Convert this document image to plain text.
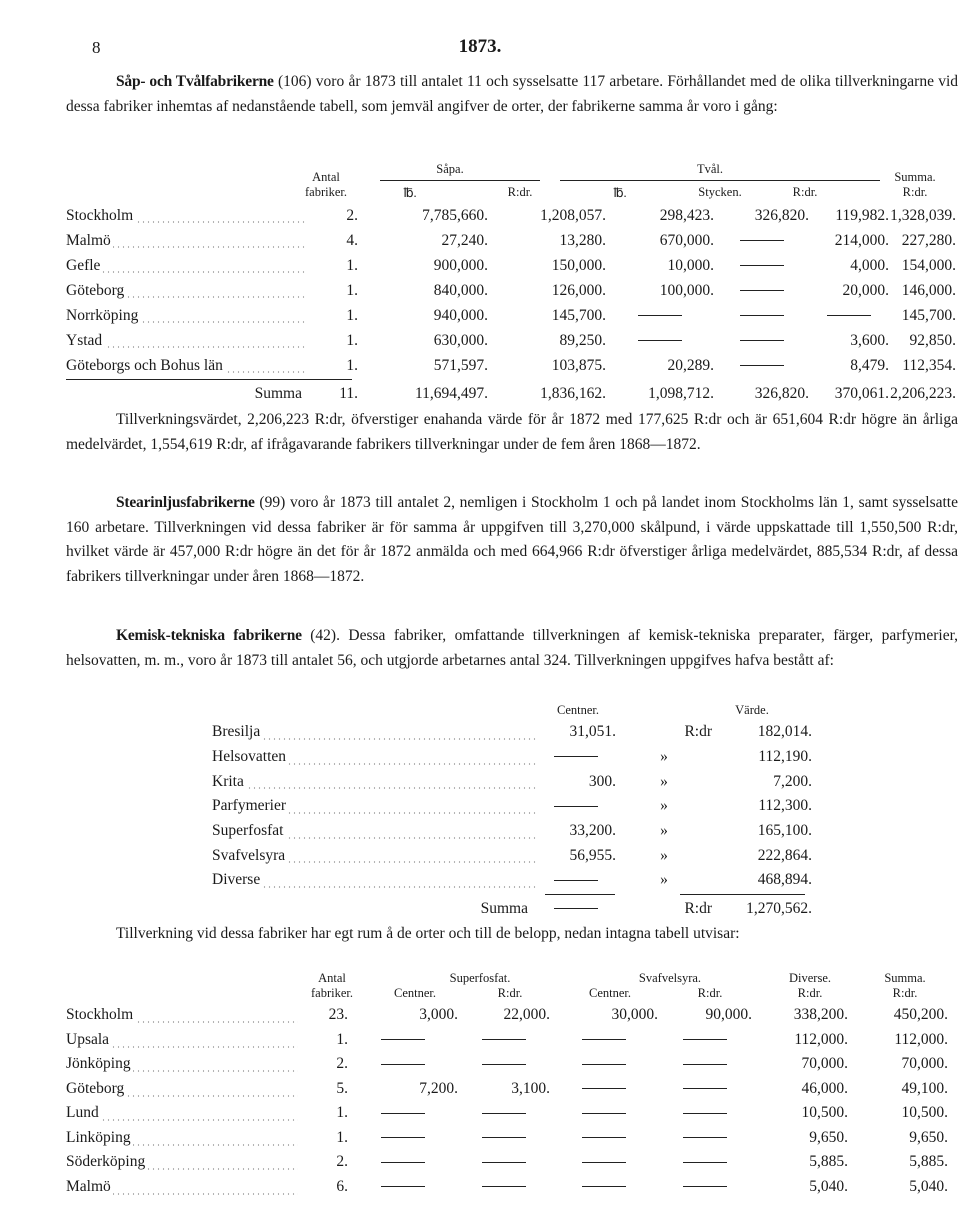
8	1873.

Såp- och Tvålfabrikerne (106) voro år 1873 till antalet 11 och sysselsatte 117 arbetare. Förhållandet med de olika tillverkningarne vid dessa fabriker inhemtas af nedanstående tabell, som jemväl angifver de orter, der fabrikerne samma år voro i gång:

Såpa.	Tvål.
Antal
fabriker.
Summa.
℔.	R:dr.	℔.	Stycken.	R:dr.	R:dr.
Stockholm	2.	7,785,660.	1,208,057.	298,423.	326,820.	119,982.	1,328,039.
Malmö	4.	27,240.	13,280.	670,000.		214,000.	227,280.
Gefle	1.	900,000.	150,000.	10,000.		4,000.	154,000.
Göteborg	1.	840,000.	126,000.	100,000.		20,000.	146,000.
Norrköping	1.	940,000.	145,700.				145,700.
Ystad	1.	630,000.	89,250.			3,600.	92,850.
Göteborgs och Bohus län	1.	571,597.	103,875.	20,289.		8,479.	112,354.
Summa	11.	11,694,497.	1,836,162.	1,098,712.	326,820.	370,061.	2,206,223.

Tillverkningsvärdet, 2,206,223 R:dr, öfverstiger enahanda värde för år 1872 med 177,625 R:dr och är 651,604 R:dr högre än årliga medelvärdet, 1,554,619 R:dr, af ifrågavarande fabrikers tillverkningar under de fem åren 1868—1872.

Stearinljusfabrikerne (99) voro år 1873 till antalet 2, nemligen i Stockholm 1 och på landet inom Stockholms län 1, samt sysselsatte 160 arbetare. Tillverkningen vid dessa fabriker är för samma år uppgifven till 3,270,000 skålpund, i värde uppskattade till 1,550,500 R:dr, hvilket värde är 457,000 R:dr högre än det för år 1872 anmälda och med 664,966 R:dr öfverstiger årliga medelvärdet, 885,534 R:dr, af dessa fabrikers tillverkningar under åren 1868—1872.

Kemisk-tekniska fabrikerne (42). Dessa fabriker, omfattande tillverkningen af kemisk-tekniska preparater, färger, parfymerier, helsovatten, m. m., voro år 1873 till antalet 56, och utgjorde arbetarnes antal 324. Tillverkningen uppgifves hafva bestått af:

Centner.	Värde.
Bresilja	31,051.	R:dr	182,014.
Helsovatten		»	112,190.
Krita	300.	»	7,200.
Parfymerier		»	112,300.
Superfosfat	33,200.	»	165,100.
Svafvelsyra	56,955.	»	222,864.
Diverse		»	468,894.
Summa		R:dr	1,270,562.

Tillverkning vid dessa fabriker har egt rum å de orter och till de belopp, nedan intagna tabell utvisar:

Antal
fabriker.
Superfosfat.	Svafvelsyra.	Diverse.	Summa.
Centner.	R:dr.	Centner.	R:dr.	R:dr.	R:dr.
Stockholm	23.	3,000.	22,000.	30,000.	90,000.	338,200.	450,200.
Upsala	1.					112,000.	112,000.
Jönköping	2.					70,000.	70,000.
Göteborg	5.	7,200.	3,100.			46,000.	49,100.
Lund	1.					10,500.	10,500.
Linköping	1.					9,650.	9,650.
Söderköping	2.					5,885.	5,885.
Malmö	6.					5,040.	5,040.
